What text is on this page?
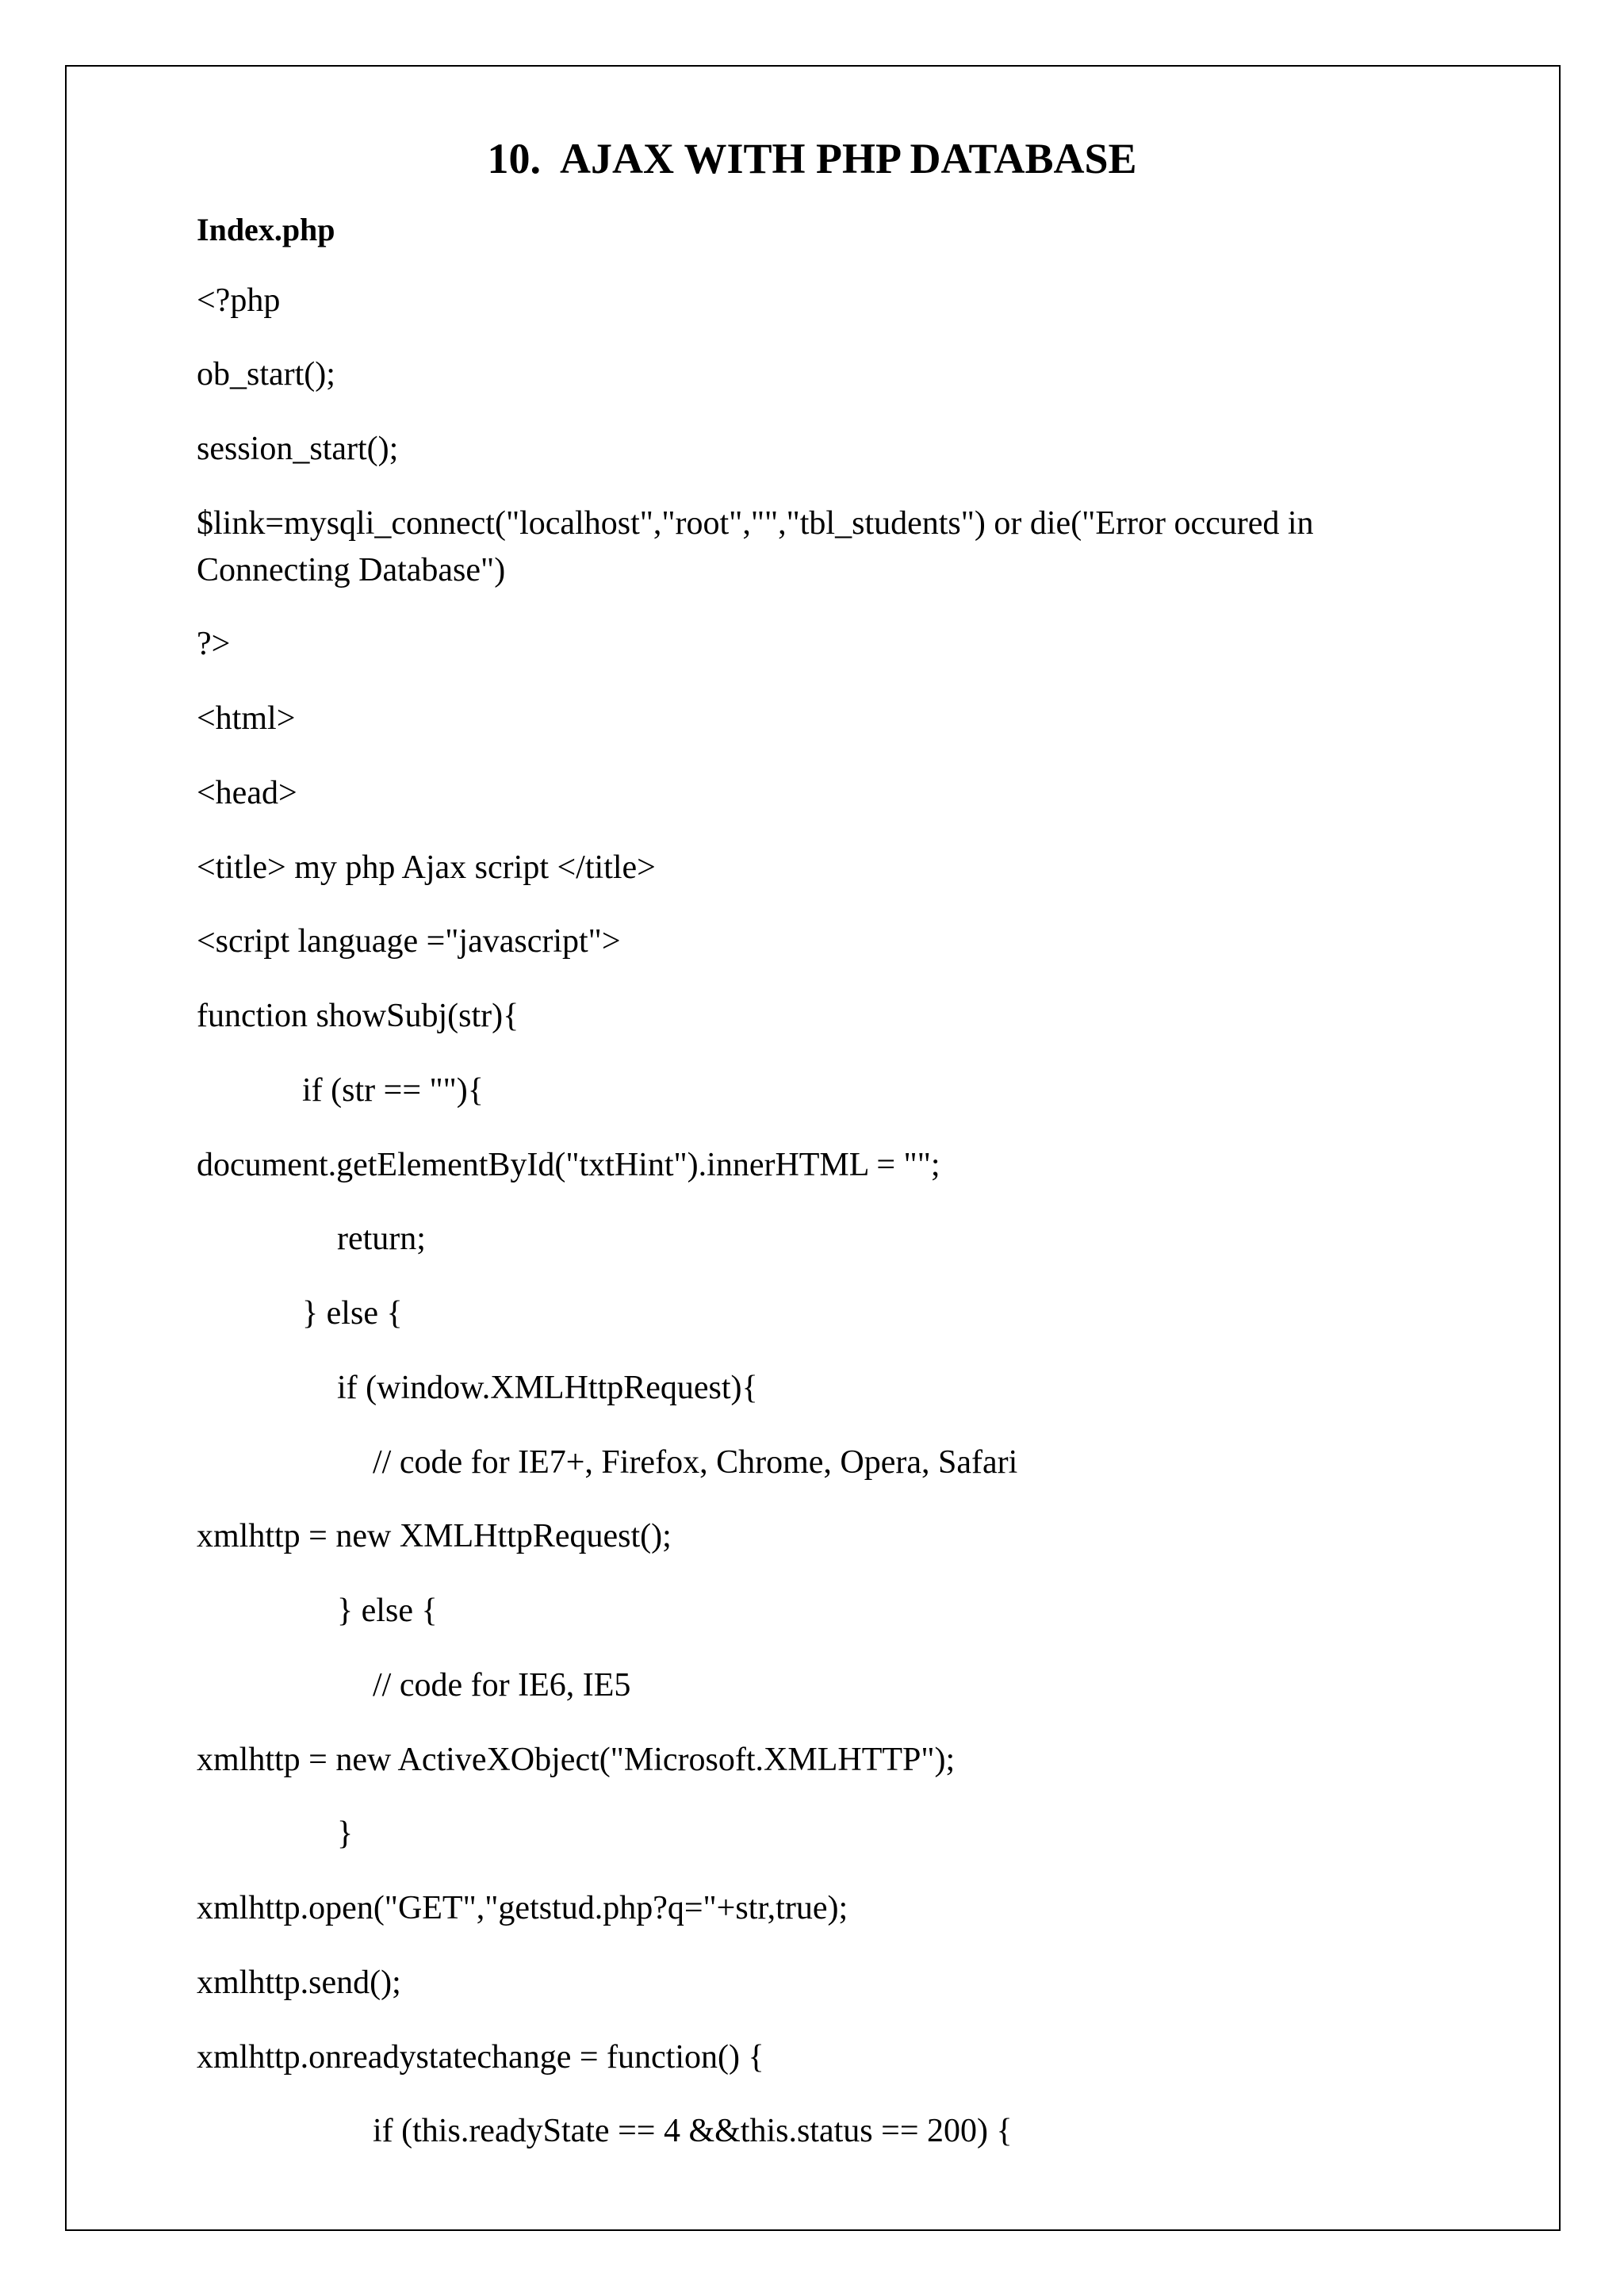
10.  AJAX WITH PHP DATABASE
Index.php
<?php
ob_start();
session_start();
$link=mysqli_connect("localhost","root","","tbl_students") or die("Error occured in
Connecting Database")
?>
<html>
<head>
<title> my php Ajax script </title>
<script language ="javascript">
function showSubj(str){
if (str == ""){
document.getElementById("txtHint").innerHTML = "";
return;
} else {
if (window.XMLHttpRequest){
// code for IE7+, Firefox, Chrome, Opera, Safari
xmlhttp = new XMLHttpRequest();
} else {
// code for IE6, IE5
xmlhttp = new ActiveXObject("Microsoft.XMLHTTP");
}
xmlhttp.open("GET","getstud.php?q="+str,true);
xmlhttp.send();
xmlhttp.onreadystatechange = function() {
if (this.readyState == 4 &&this.status == 200) {
